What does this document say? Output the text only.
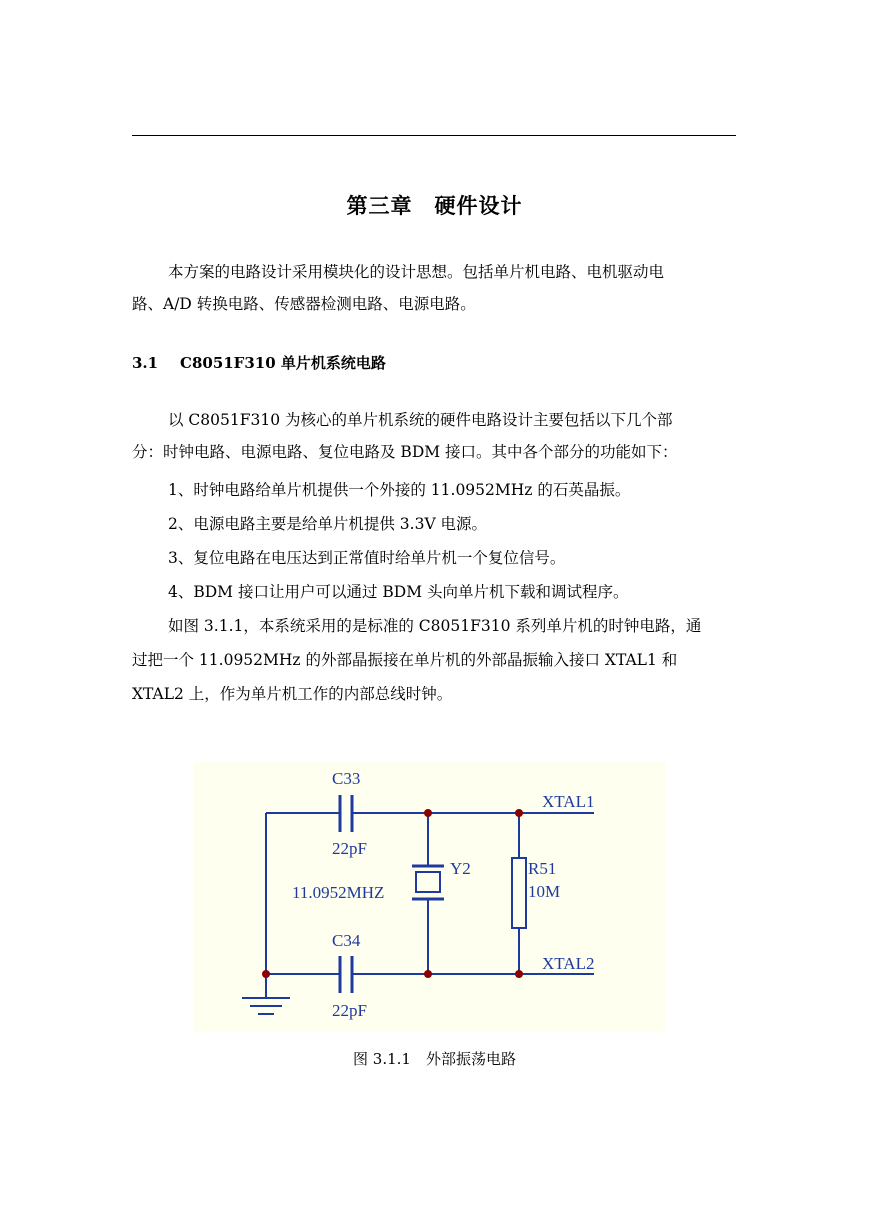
第三章　硬件设计
本方案的电路设计采用模块化的设计思想。包括单片机电路、电机驱动电
路、A/D 转换电路、传感器检测电路、电源电路。
3.1 C8051F310 单片机系统电路
以 C8051F310 为核心的单片机系统的硬件电路设计主要包括以下几个部
分：时钟电路、电源电路、复位电路及 BDM 接口。其中各个部分的功能如下：
1、时钟电路给单片机提供一个外接的 11.0952MHz 的石英晶振。
2、电源电路主要是给单片机提供 3.3V 电源。
3、复位电路在电压达到正常值时给单片机一个复位信号。
4、BDM 接口让用户可以通过 BDM 头向单片机下载和调试程序。
如图 3.1.1，本系统采用的是标准的 C8051F310 系列单片机的时钟电路，通
过把一个 11.0952MHz 的外部晶振接在单片机的外部晶振输入接口 XTAL1 和
XTAL2 上，作为单片机工作的内部总线时钟。
C33
22pF
C34
22pF
Y2
11.0952MHZ
R51
10M
XTAL1
XTAL2
图 3.1.1　外部振荡电路
